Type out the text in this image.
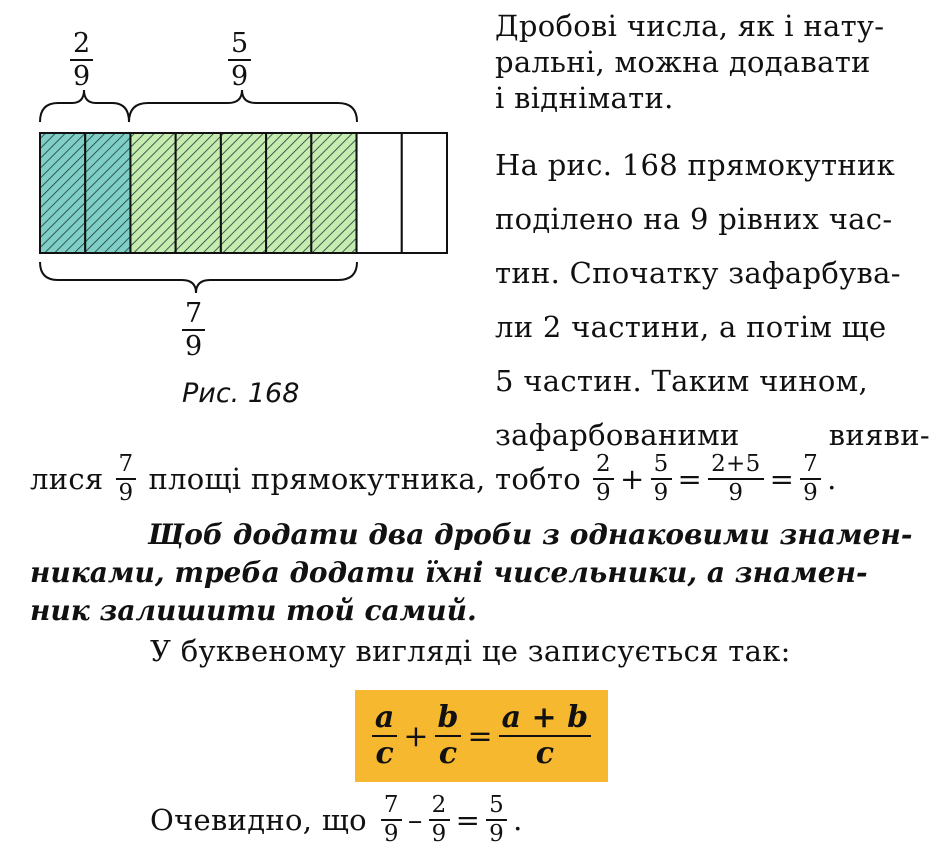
$\frac{2}{9}$	$\frac{5}{9}$
$\frac{7}{9}$
Рис. 168
Дробові числа, як і нату-
ральні, можна додавати
і віднімати.
На рис. 168 прямокутник
поділено на 9 рівних час-
тин. Спочатку зафарбува-
ли 2 частини, а потім ще
5 частин. Таким чином,
зафарбованими	вияви-
лися $\frac{7}{9}$ площі прямокутника, тобто $\frac{2}{9} + \frac{5}{9} = \frac{2+5}{9} = \frac{7}{9}$ .
Щоб додати два дроби з однаковими знамен-
никами, треба додати їхні чисельники, а знамен-
ник залишити той самий.
У буквеному вигляді це записується так:
$\frac{a}{c} + \frac{b}{c} = \frac{a + b}{c}$
Очевидно, що $\frac{7}{9} - \frac{2}{9} = \frac{5}{9}$ .
